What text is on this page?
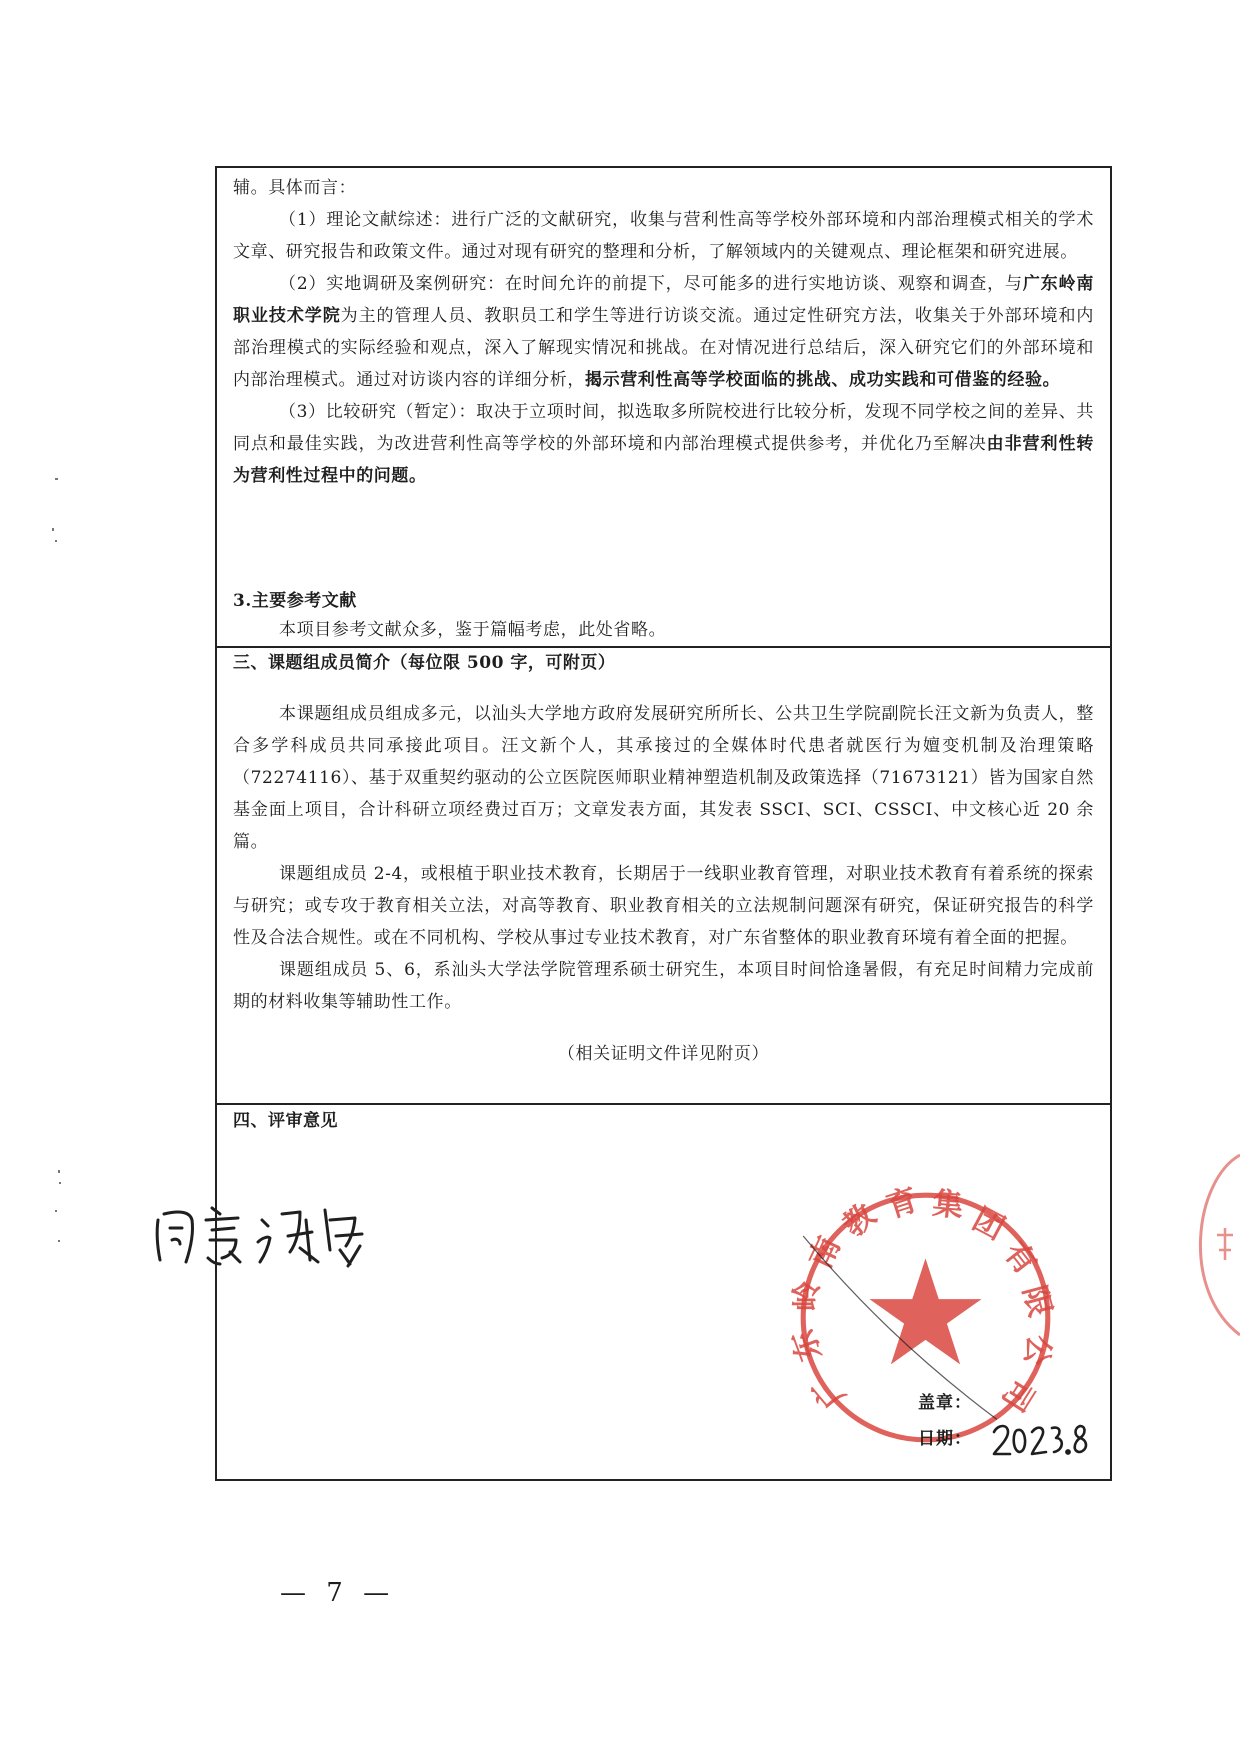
辅。具体而言：

（1）理论文献综述：进行广泛的文献研究，收集与营利性高等学校外部环境和内部治理模式相关的学术文章、研究报告和政策文件。通过对现有研究的整理和分析，了解领域内的关键观点、理论框架和研究进展。

（2）实地调研及案例研究：在时间允许的前提下，尽可能多的进行实地访谈、观察和调查，与广东岭南职业技术学院为主的管理人员、教职员工和学生等进行访谈交流。通过定性研究方法，收集关于外部环境和内部治理模式的实际经验和观点，深入了解现实情况和挑战。在对情况进行总结后，深入研究它们的外部环境和内部治理模式。通过对访谈内容的详细分析，揭示营利性高等学校面临的挑战、成功实践和可借鉴的经验。

（3）比较研究（暂定）：取决于立项时间，拟选取多所院校进行比较分析，发现不同学校之间的差异、共同点和最佳实践，为改进营利性高等学校的外部环境和内部治理模式提供参考，并优化乃至解决由非营利性转为营利性过程中的问题。

3.主要参考文献

本项目参考文献众多，鉴于篇幅考虑，此处省略。

三、课题组成员简介（每位限 500 字，可附页）

本课题组成员组成多元，以汕头大学地方政府发展研究所所长、公共卫生学院副院长汪文新为负责人，整合多学科成员共同承接此项目。汪文新个人，其承接过的全媒体时代患者就医行为嬗变机制及治理策略（72274116）、基于双重契约驱动的公立医院医师职业精神塑造机制及政策选择（71673121）皆为国家自然基金面上项目，合计科研立项经费过百万；文章发表方面，其发表 SSCI、SCI、CSSCI、中文核心近 20 余篇。

课题组成员 2-4，或根植于职业技术教育，长期居于一线职业教育管理，对职业技术教育有着系统的探索与研究；或专攻于教育相关立法，对高等教育、职业教育相关的立法规制问题深有研究，保证研究报告的科学性及合法合规性。或在不同机构、学校从事过专业技术教育，对广东省整体的职业教育环境有着全面的把握。

课题组成员 5、6，系汕头大学法学院管理系硕士研究生，本项目时间恰逢暑假，有充足时间精力完成前期的材料收集等辅助性工作。

（相关证明文件详见附页）

四、评审意见
广
东
岭
南
教 育 集 团
有
限
公
司
盖章：
日期：
— 7 —
